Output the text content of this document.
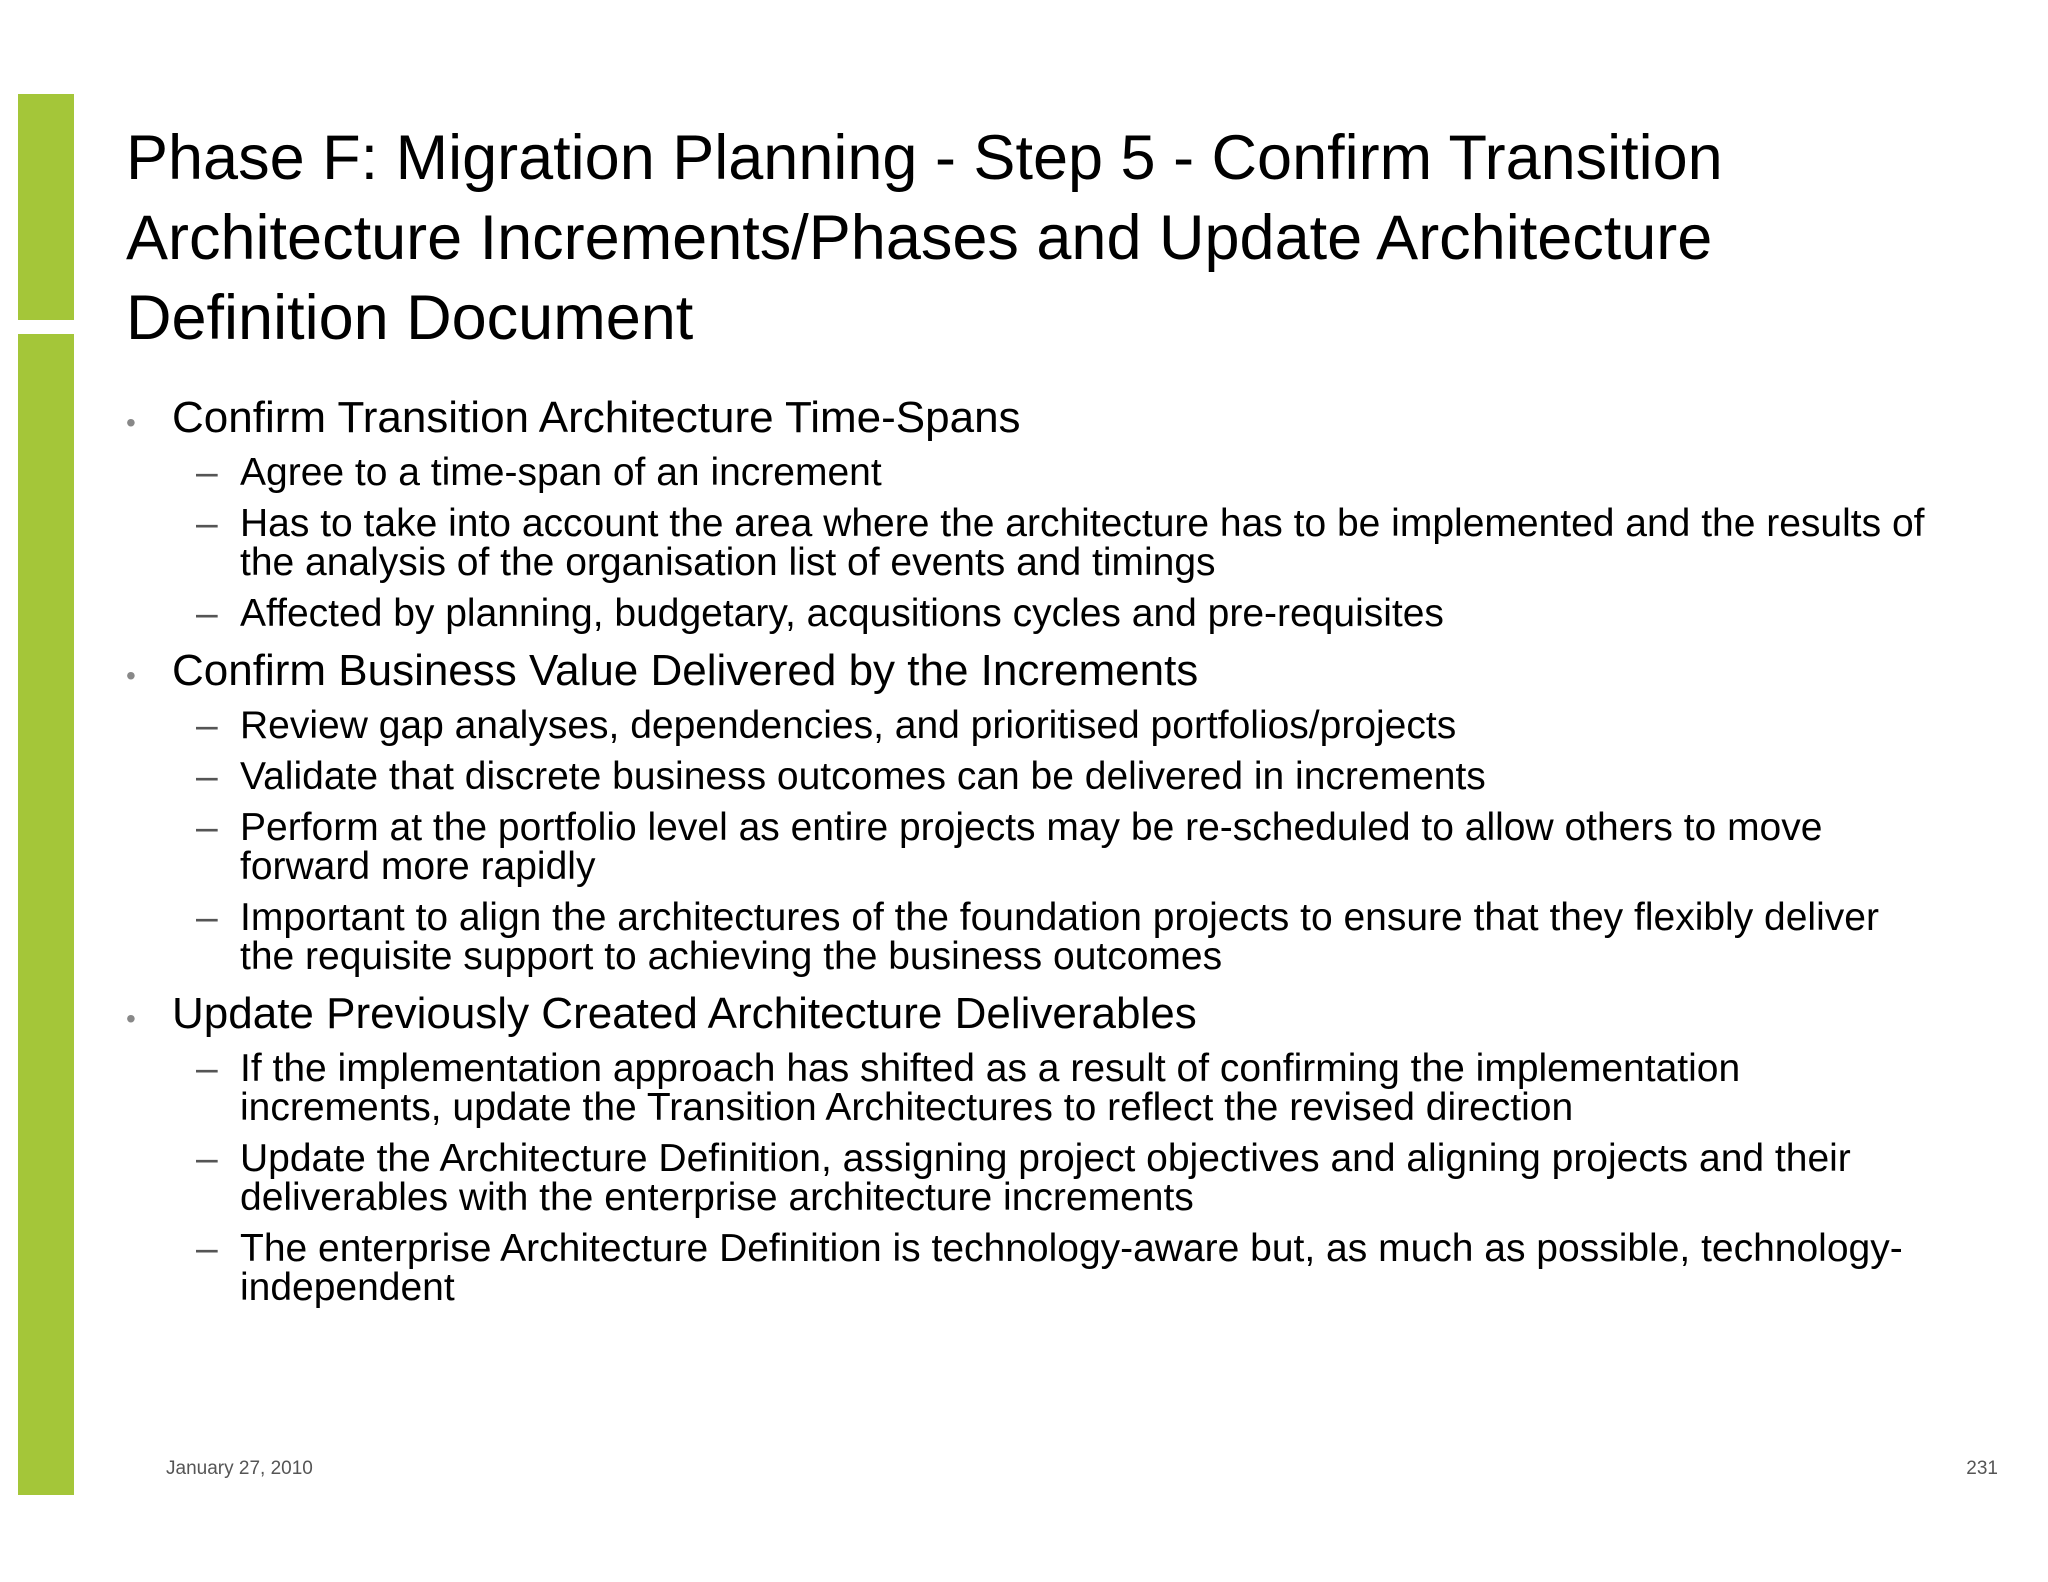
Phase F: Migration Planning - Step 5 - Confirm Transition Architecture Increments/Phases and Update Architecture Definition Document
• Confirm Transition Architecture Time-Spans
– Agree to a time-span of an increment
– Has to take into account the area where the architecture has to be implemented and the results of the analysis of the organisation list of events and timings
– Affected by planning, budgetary, acqusitions cycles and pre-requisites
• Confirm Business Value Delivered by the Increments
– Review gap analyses, dependencies, and prioritised portfolios/projects
– Validate that discrete business outcomes can be delivered in increments
– Perform at the portfolio level as entire projects may be re-scheduled to allow others to move forward more rapidly
– Important to align the architectures of the foundation projects to ensure that they flexibly deliver the requisite support to achieving the business outcomes
• Update Previously Created Architecture Deliverables
– If the implementation approach has shifted as a result of confirming the implementation increments, update the Transition Architectures to reflect the revised direction
– Update the Architecture Definition, assigning project objectives and aligning projects and their deliverables with the enterprise architecture increments
– The enterprise Architecture Definition is technology-aware but, as much as possible, technology-independent
January 27, 2010	231
